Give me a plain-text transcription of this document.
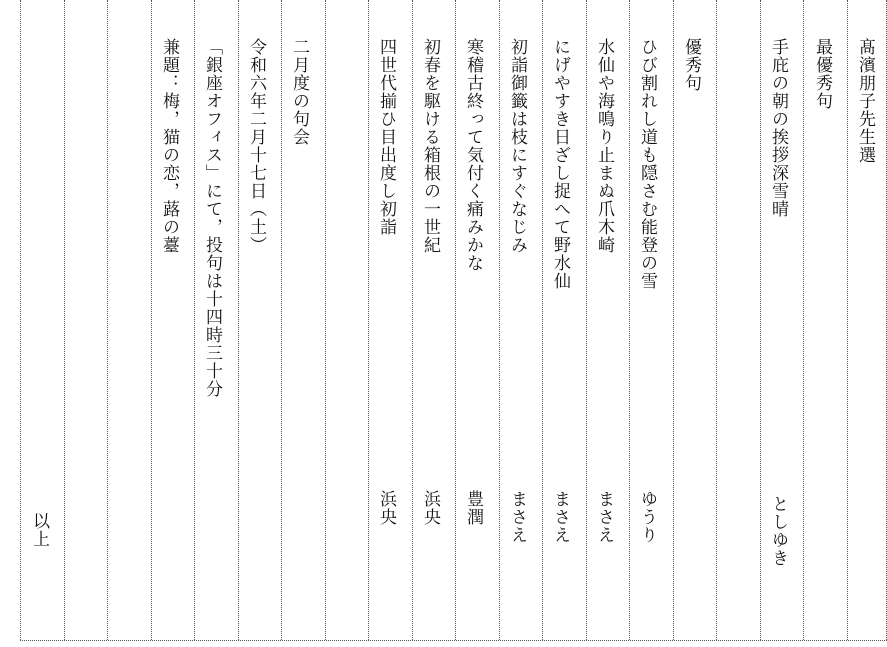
髙濱朋子先生選
最優秀句
手庇の朝の挨拶深雪晴
としゆき
優秀句
ひび割れし道も隠さむ能登の雪
ゆうり
水仙や海鳴り止まぬ爪木崎
まさえ
にげやすき日ざし捉へて野水仙
まさえ
初詣御籤は枝にすぐなじみ
まさえ
寒稽古終って気付く痛みかな
豊潤
初春を駆ける箱根の一世紀
浜央
四世代揃ひ目出度し初詣
浜央
二月度の句会
令和六年二月十七日（土）
「銀座オフィス」にて，投句は十四時三十分
兼題：梅，猫の恋，蕗の薹
以上
